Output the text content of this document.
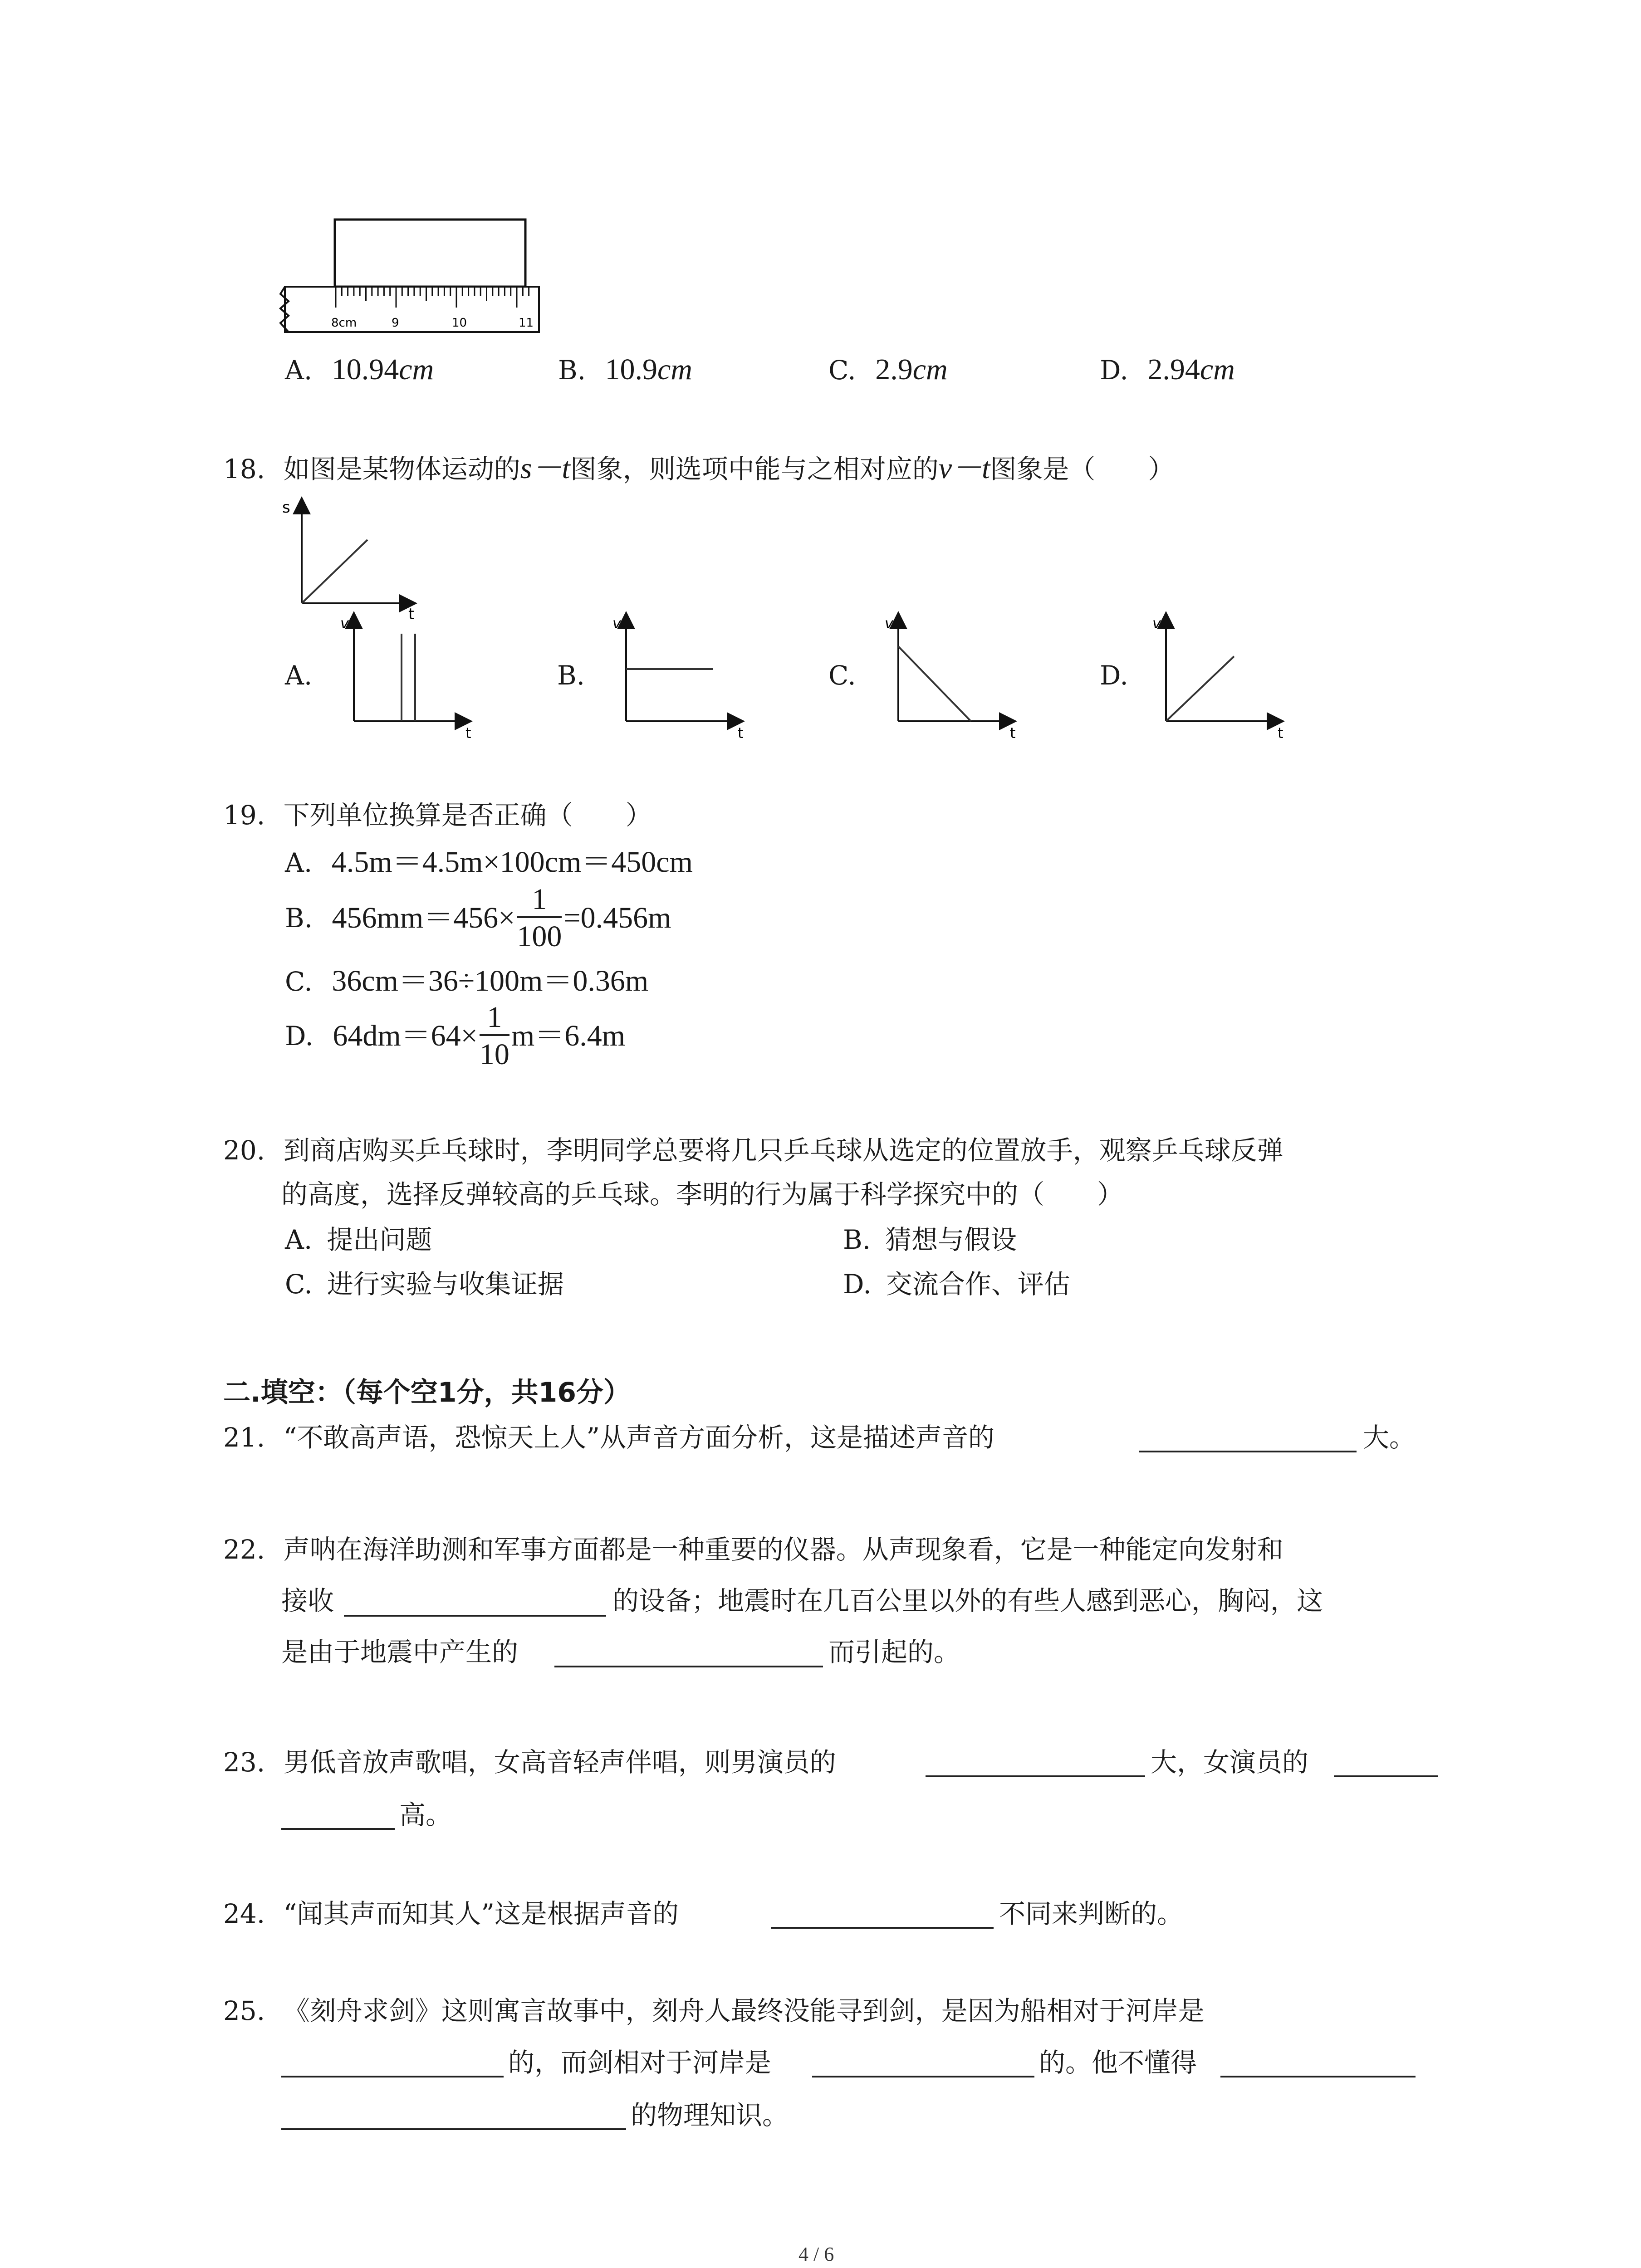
8cm	9	10	11
A. 10.94cm	B. 10.9cm	C. 2.9cm	D. 2.94cm
18. 如图是某物体运动的s－t图象，则选项中能与之相对应的v－t图象是（　　）
s
t
A.
v
t
B.
v
t
C.
v
t
D.
v
t
19. 下列单位换算是否正确（　　）
A. 4.5m＝4.5m×100cm＝450cm
B. $456mm=456\times \frac{1}{100} =0.456m$
C. 36cm＝36÷100m＝0.36m
D. $64dm=64\times \frac{1}{10} m=6.4m$
20. 到商店购买乒乓球时，李明同学总要将几只乒乓球从选定的位置放手，观察乒乓球反弹
的高度，选择反弹较高的乒乓球。李明的行为属于科学探究中的（　　）
A. 提出问题	B. 猜想与假设
C. 进行实验与收集证据	D. 交流合作、评估
二.填空：（每个空1分，共16分）
21. “不敢高声语，恐惊天上人”从声音方面分析，这是描述声音的	大。
22. 声呐在海洋助测和军事方面都是一种重要的仪器。从声现象看，它是一种能定向发射和
接收	的设备；地震时在几百公里以外的有些人感到恶心，胸闷，这
是由于地震中产生的	而引起的。
23. 男低音放声歌唱，女高音轻声伴唱，则男演员的	大，女演员的
高。
24. “闻其声而知其人”这是根据声音的	不同来判断的。
25. 《刻舟求剑》这则寓言故事中，刻舟人最终没能寻到剑，是因为船相对于河岸是
的，而剑相对于河岸是	的。他不懂得
的物理知识。
4 / 6
